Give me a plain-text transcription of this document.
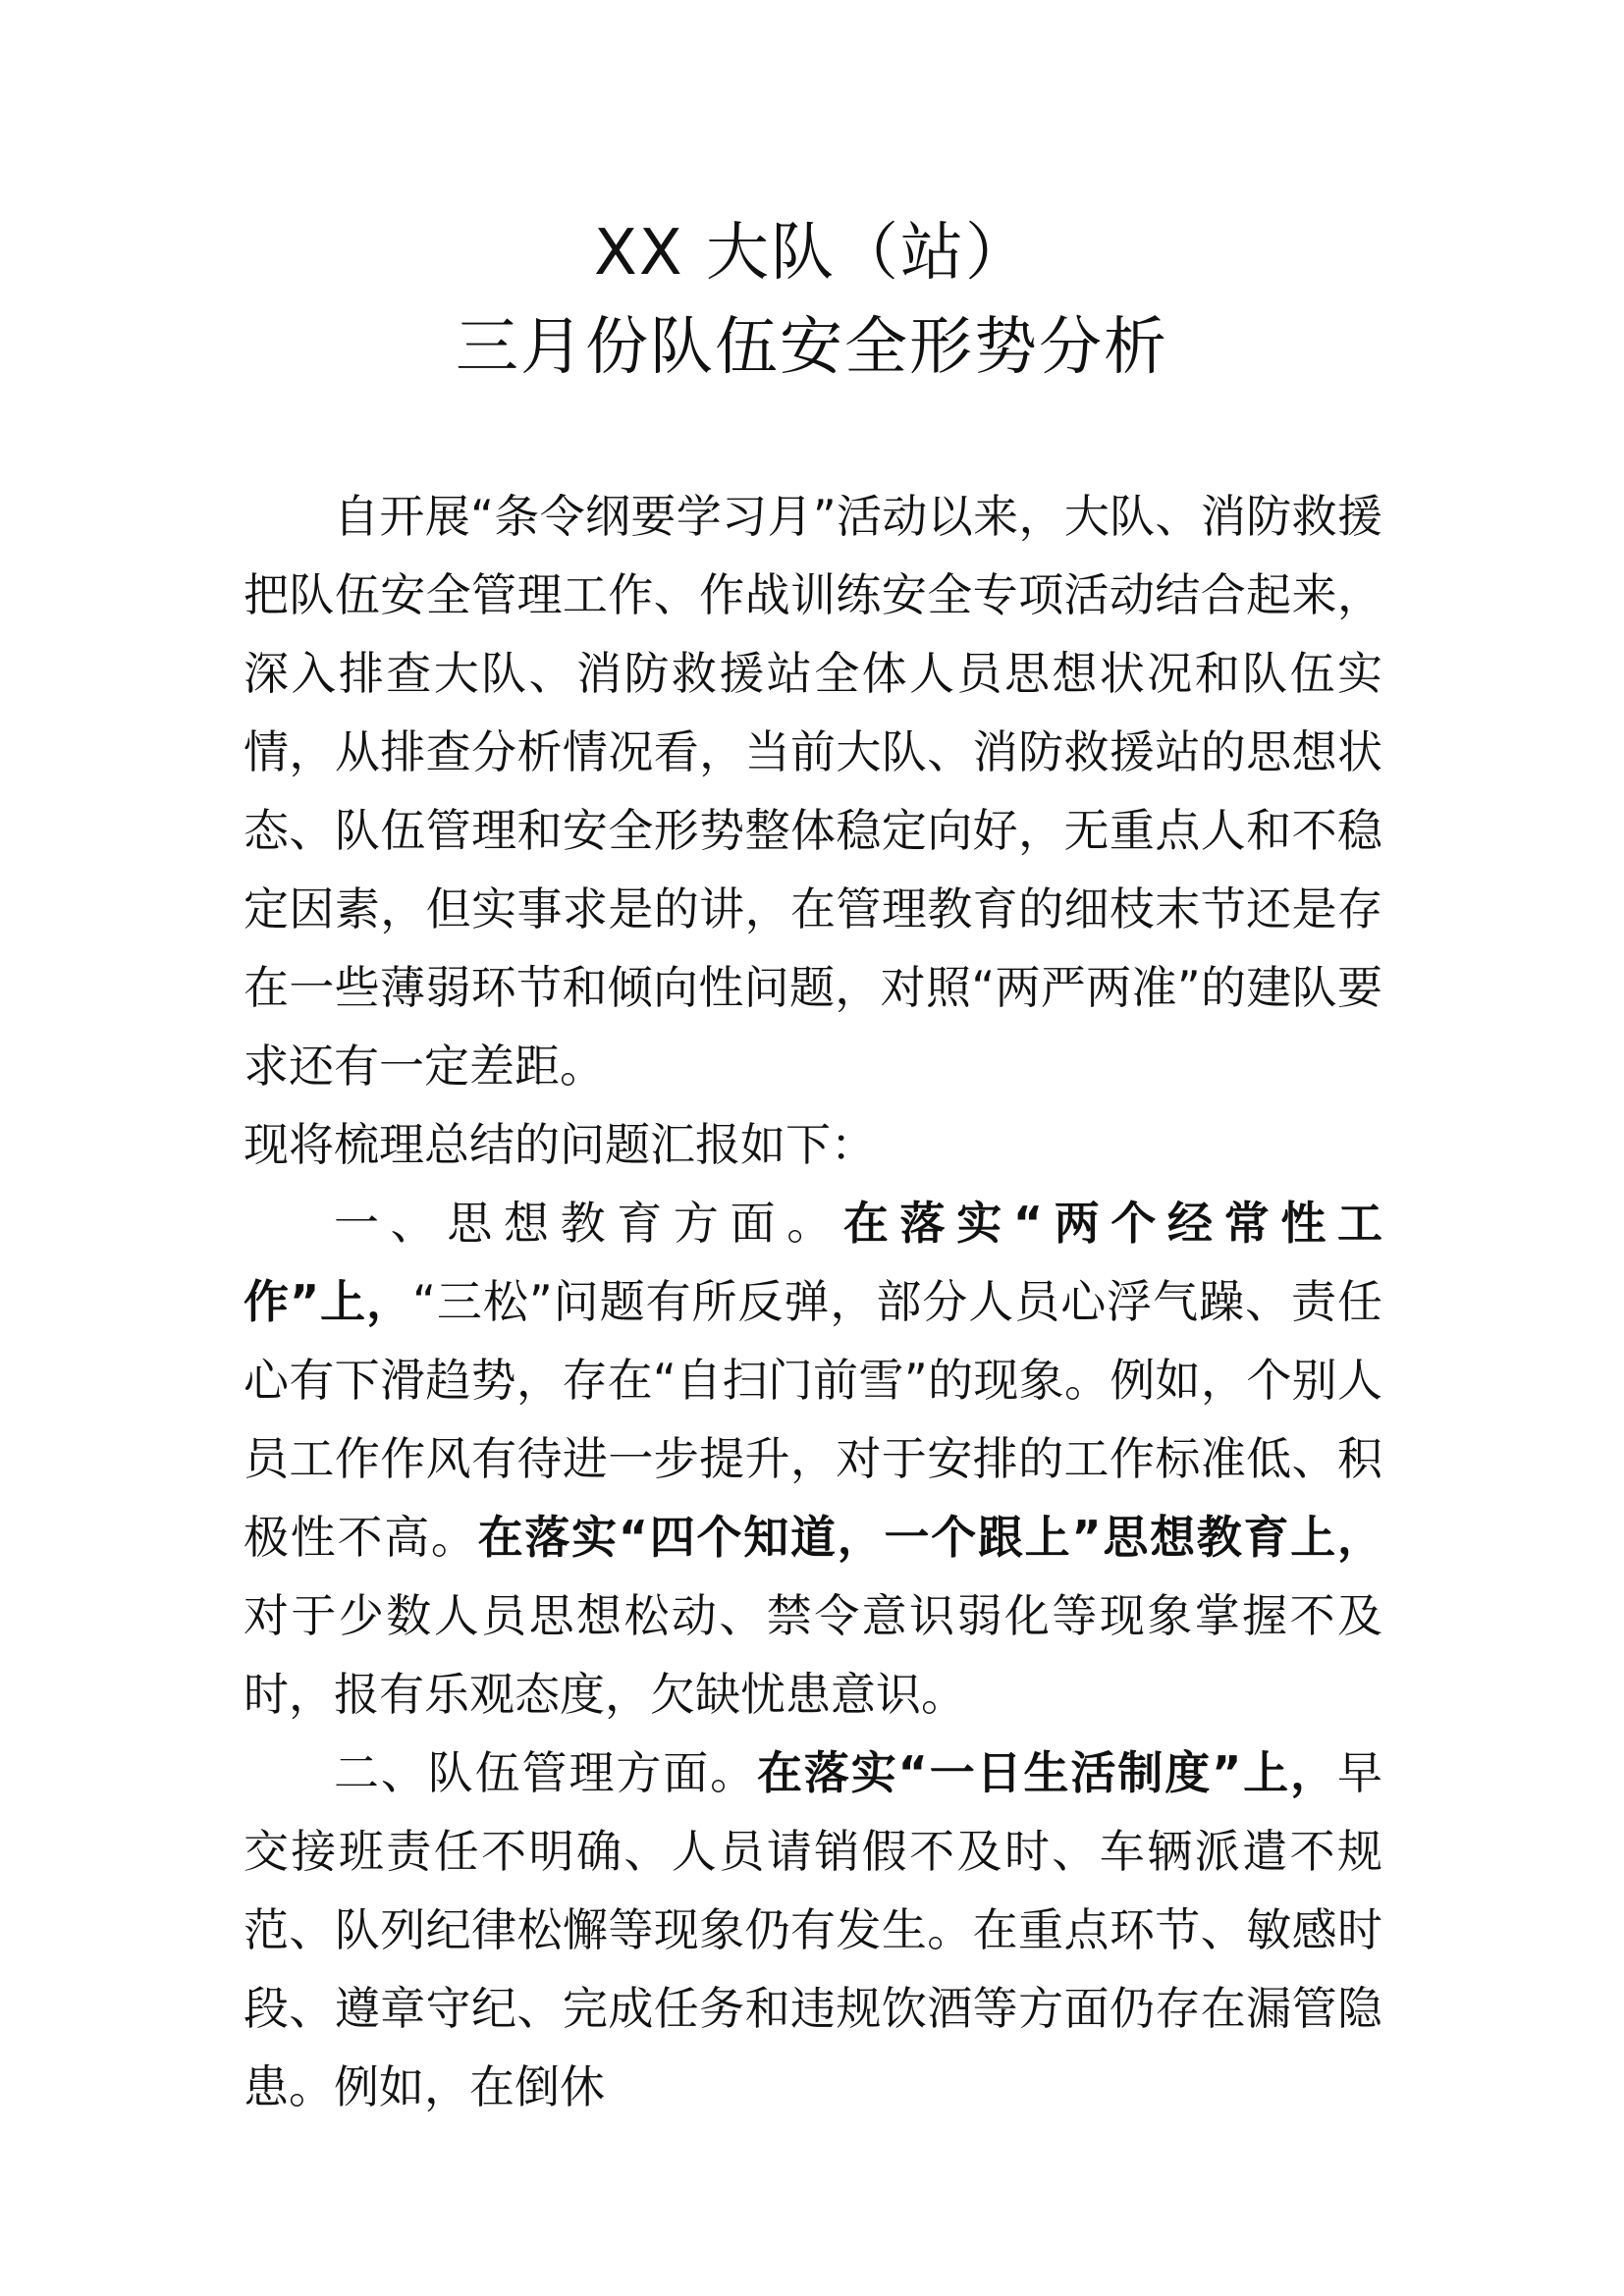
XX 大队（站）
三月份队伍安全形势分析

自开展“条令纲要学习月”活动以来，大队、消防救援把队伍安全管理工作、作战训练安全专项活动结合起来，深入排查大队、消防救援站全体人员思想状况和队伍实情，从排查分析情况看，当前大队、消防救援站的思想状态、队伍管理和安全形势整体稳定向好，无重点人和不稳定因素，但实事求是的讲，在管理教育的细枝末节还是存在一些薄弱环节和倾向性问题，对照“两严两准”的建队要求还有一定差距。

现将梳理总结的问题汇报如下：

一、思想教育方面。在落实“两个经常性工作”上，“三松”问题有所反弹，部分人员心浮气躁、责任心有下滑趋势，存在“自扫门前雪”的现象。例如，个别人员工作作风有待进一步提升，对于安排的工作标准低、积极性不高。在落实“四个知道，一个跟上”思想教育上，对于少数人员思想松动、禁令意识弱化等现象掌握不及时，报有乐观态度，欠缺忧患意识。

二、队伍管理方面。在落实“一日生活制度”上，早交接班责任不明确、人员请销假不及时、车辆派遣不规范、队列纪律松懈等现象仍有发生。在重点环节、敏感时段、遵章守纪、完成任务和违规饮酒等方面仍存在漏管隐患。例如，在倒休
